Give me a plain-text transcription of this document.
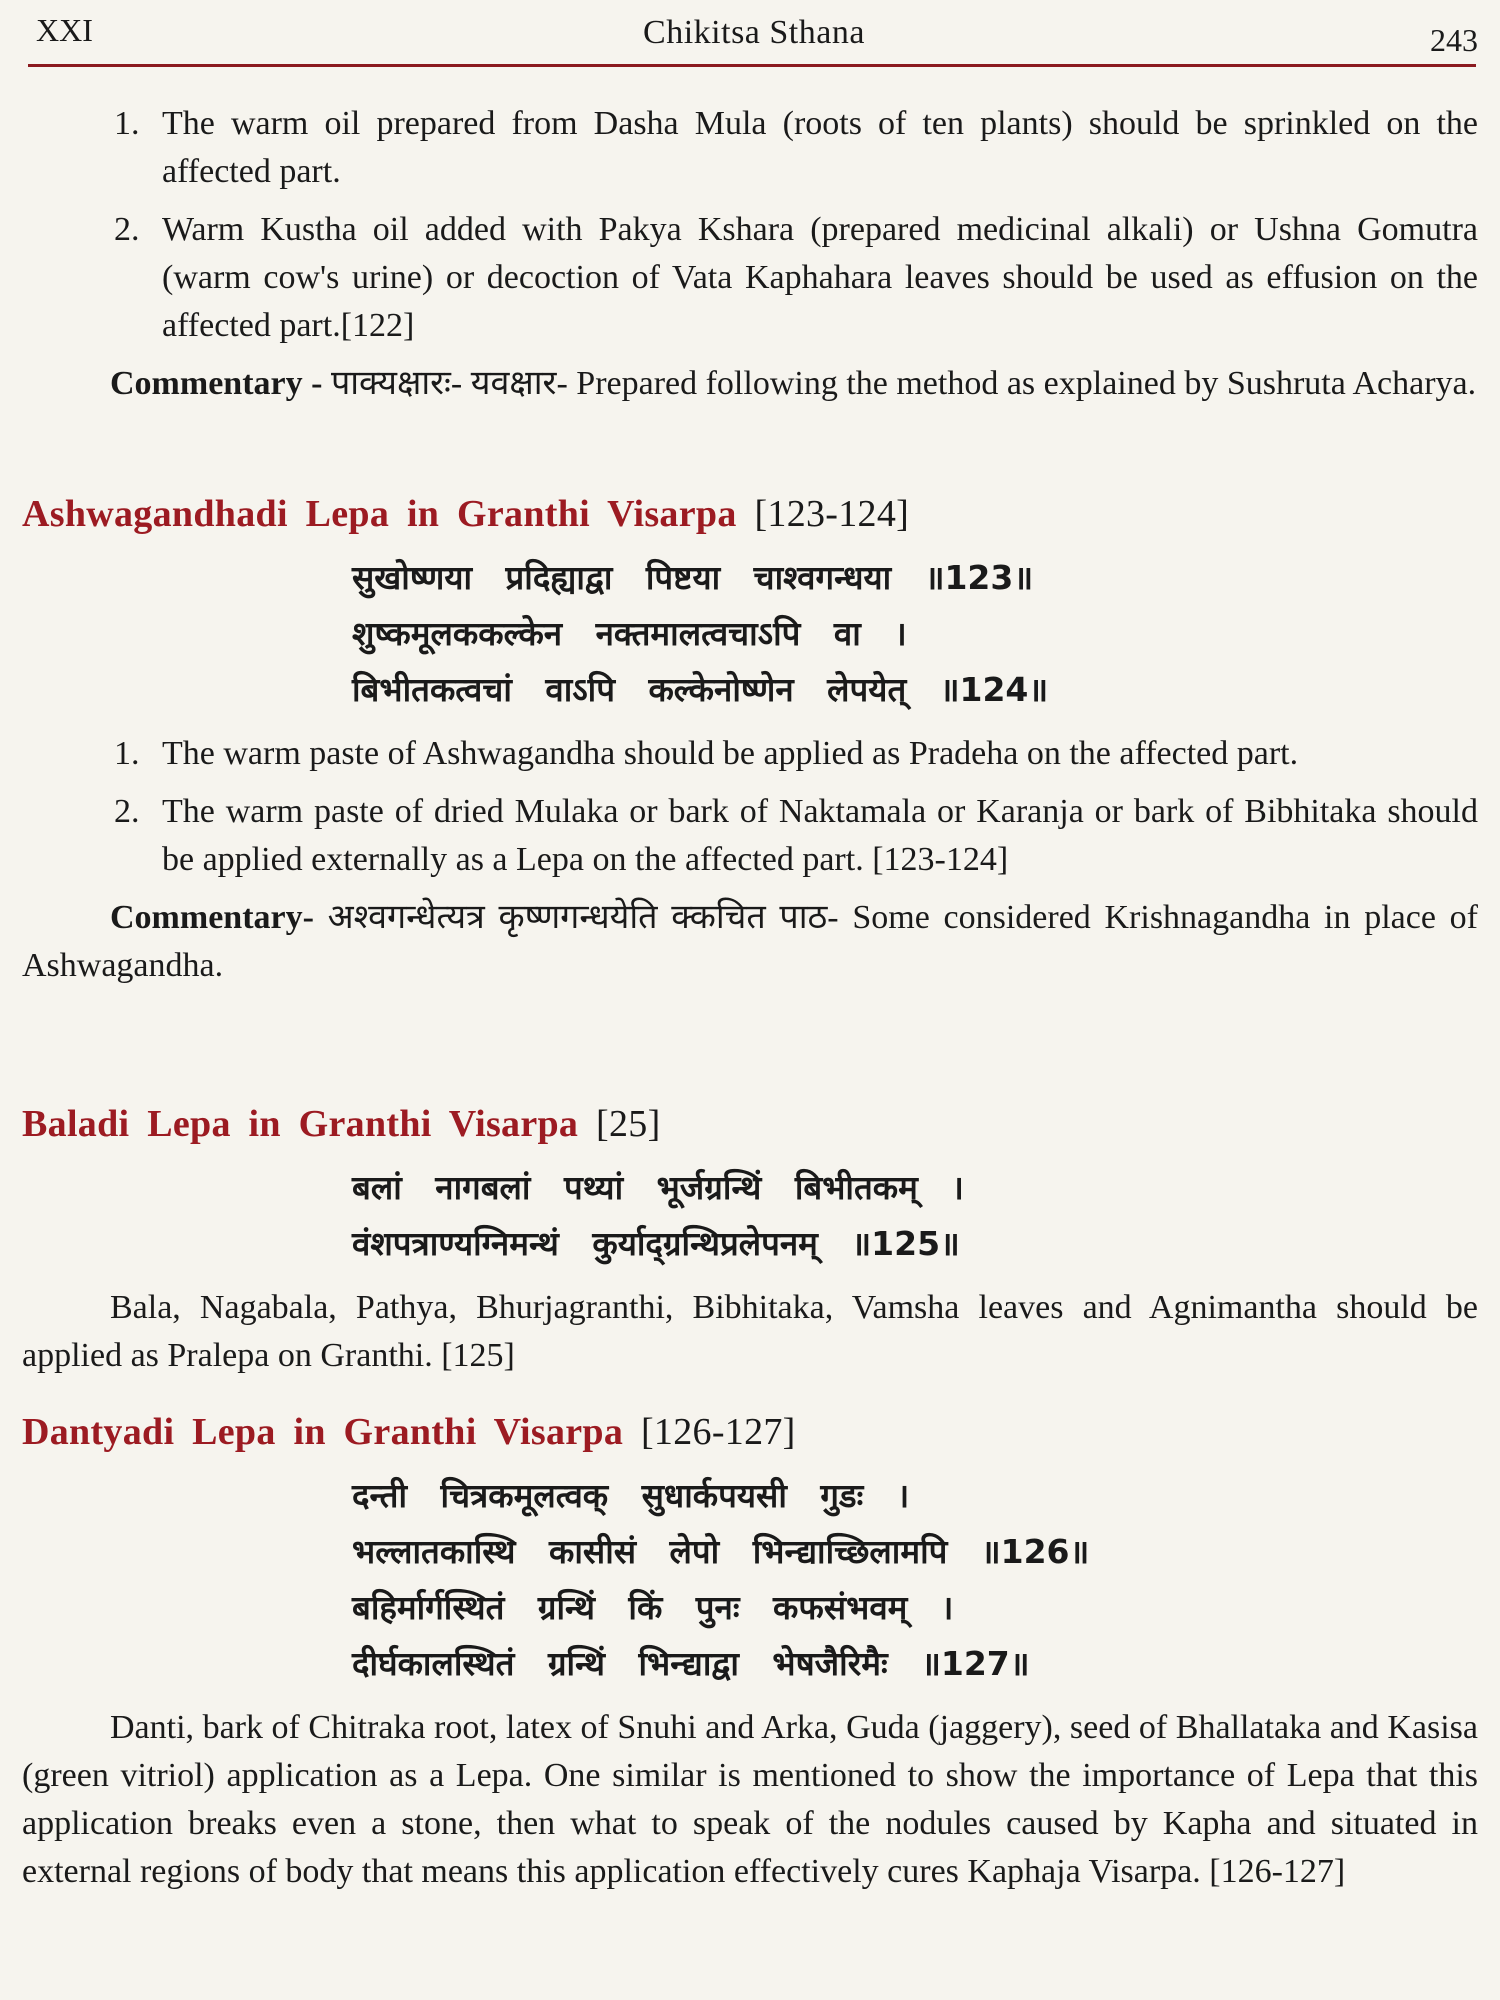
XXI	Chikitsa Sthana	243
1. The warm oil prepared from Dasha Mula (roots of ten plants) should be sprinkled on the affected part.
2. Warm Kustha oil added with Pakya Kshara (prepared medicinal alkali) or Ushna Gomutra (warm cow's urine) or decoction of Vata Kaphahara leaves should be used as effusion on the affected part.[122]

Commentary - पाक्यक्षारः- यवक्षार- Prepared following the method as explained by Sushruta Acharya.

Ashwagandhadi Lepa in Granthi Visarpa [123-124]

सुखोष्णया प्रदिह्याद्वा पिष्टया चाश्वगन्धया ॥123॥

शुष्कमूलककल्केन नक्तमालत्वचाऽपि वा ।

बिभीतकत्वचां वाऽपि कल्केनोष्णेन लेपयेत् ॥124॥

1. The warm paste of Ashwagandha should be applied as Pradeha on the affected part.
2. The warm paste of dried Mulaka or bark of Naktamala or Karanja or bark of Bibhitaka should be applied externally as a Lepa on the affected part. [123-124]

Commentary- अश्वगन्धेत्यत्र कृष्णगन्धयेति क्कचित पाठ- Some considered Krishnagandha in place of Ashwagandha.

Baladi Lepa in Granthi Visarpa [25]

बलां नागबलां पथ्यां भूर्जग्रन्थिं बिभीतकम् ।

वंशपत्राण्यग्निमन्थं कुर्याद्ग्रन्थिप्रलेपनम् ॥125॥

Bala, Nagabala, Pathya, Bhurjagranthi, Bibhitaka, Vamsha leaves and Agnimantha should be applied as Pralepa on Granthi. [125]

Dantyadi Lepa in Granthi Visarpa [126-127]

दन्ती चित्रकमूलत्वक् सुधार्कपयसी गुडः ।

भल्लातकास्थि कासीसं लेपो भिन्द्याच्छिलामपि ॥126॥

बहिर्मार्गस्थितं ग्रन्थिं किं पुनः कफसंभवम् ।

दीर्घकालस्थितं ग्रन्थिं भिन्द्याद्वा भेषजैरिमैः ॥127॥

Danti, bark of Chitraka root, latex of Snuhi and Arka, Guda (jaggery), seed of Bhallataka and Kasisa (green vitriol) application as a Lepa. One similar is mentioned to show the importance of Lepa that this application breaks even a stone, then what to speak of the nodules caused by Kapha and situated in external regions of body that means this application effectively cures Kaphaja Visarpa. [126-127]
